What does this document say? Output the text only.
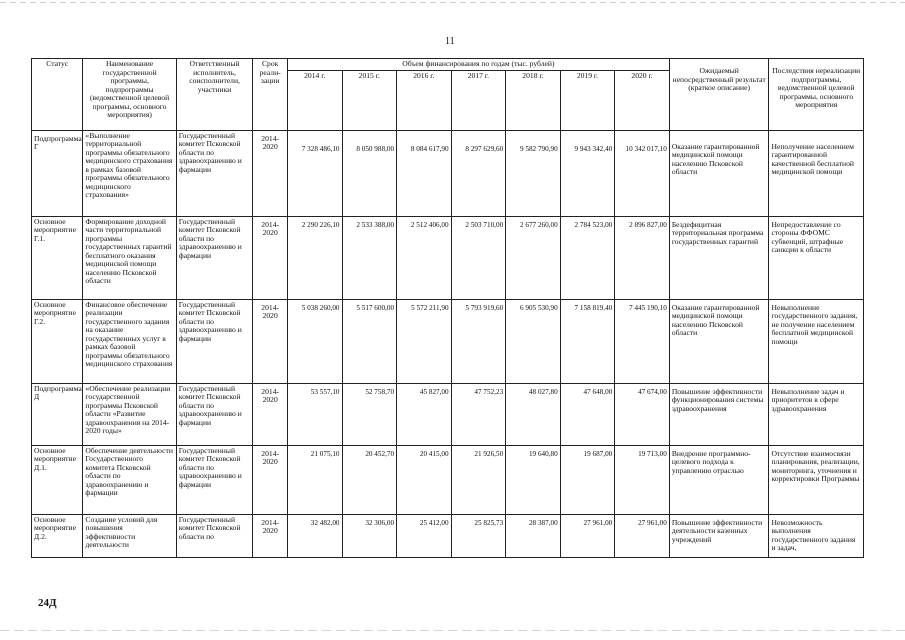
11
Статус	Наименование государственной программы, подпрограммы (ведомственной целевой программы, основного мероприятия)	Ответственный исполнитель, соисполнители, участники	Срок реали-зации	Объем финансирования по годам (тыс. рублей)							Ожидаемый непосредственный результат (краткое описание)	Последствия нереализации подпрограммы, ведомственной целевой программы, основного мероприятия
				2014 г.	2015 г.	2016 г.	2017 г.	2018 г.	2019 г.	2020 г.		
Подпрограмма Г	«Выполнение территориальной программы обязательного медицинского страхования в рамках базовой программы обязательного медицинского страхования»	Государственный комитет Псковской области по здравоохранению и фармации	2014-2020	7 328 486,10	8 050 988,00	8 084 617,90	8 297 629,60	9 582 790,90	9 943 342,40	10 342 017,10	Оказание гарантированной медицинской помощи населению Псковской области	Неполучение населением гарантированной качественной бесплатной медицинской помощи
Основное мероприятие Г.1.	Формирование доходной части территориальной программы государственных гарантий бесплатного оказания медицинской помощи населению Псковской области	Государственный комитет Псковской области по здравоохранению и фармации	2014-2020	2 290 226,10	2 533 388,00	2 512 406,00	2 503 710,00	2 677 260,00	2 784 523,00	2 896 827,00	Бездефицитная территориальная программа государственных гарантий	Непредоставление со стороны ФФОМС субвенций, штрафные санкции к области
Основное мероприятие Г.2.	Финансовое обеспечение реализации государственного задания на оказание государственных услуг в рамках базовой программы обязательного медицинского страхования	Государственный комитет Псковской области по здравоохранению и фармации	2014-2020	5 038 260,00	5 517 600,00	5 572 211,90	5 793 919,60	6 905 530,90	7 158 819,40	7 445 190,10	Оказание гарантированной медицинской помощи населению Псковской области	Невыполнение государственного задания, не получение населением бесплатной медицинской помощи
Подпрограмма Д	«Обеспечение реализации государственной программы Псковской области «Развитие здравоохранения на 2014-2020 годы»	Государственный комитет Псковской области по здравоохранению и фармации	2014-2020	53 557,10	52 758,70	45 827,00	47 752,23	48 027,80	47 648,00	47 674,00	Повышение эффективности функционирования системы здравоохранения	Невыполнение задач и приоритетов в сфере здравоохранения
Основное мероприятие Д.1.	Обеспечение деятельности Государственного комитета Псковской области по здравоохранению и фармации	Государственный комитет Псковской области по здравоохранению и фармации	2014-2020	21 075,10	20 452,70	20 415,00	21 926,50	19 640,80	19 687,00	19 713,00	Внедрение программно-целевого подхода к управлению отраслью	Отсутствие взаимосвязи планирования, реализации, мониторинга, уточнения и корректировки Программы
Основное мероприятие Д.2.	Создание условий для повышения эффективности деятельности	Государственный комитет Псковской области по	2014-2020	32 482,00	32 306,00	25 412,00	25 825,73	28 387,00	27 961,00	27 961,00	Повышение эффективности деятельности казенных учреждений	Невозможность выполнения государственного задания и задач,
24Д
